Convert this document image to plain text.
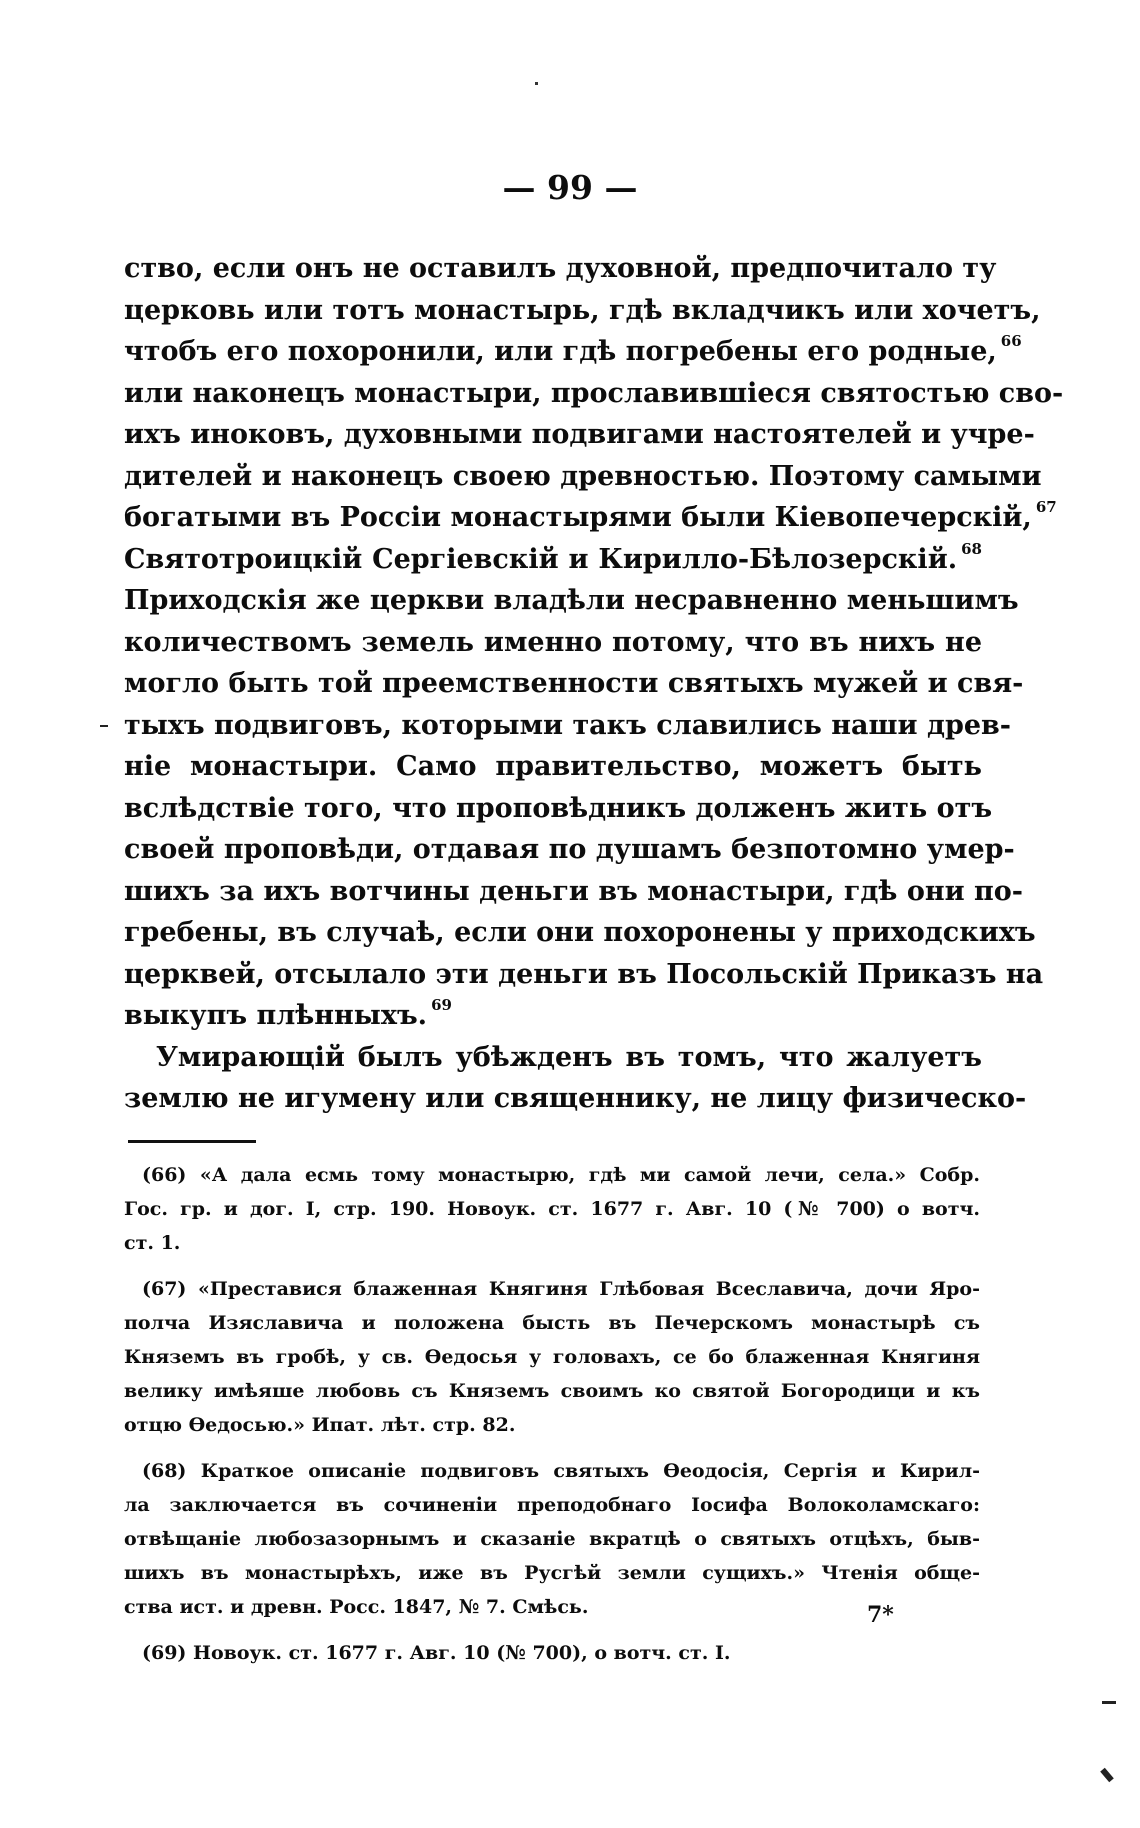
— 99 —
ство, если онъ не оставилъ духовной, предпочитало ту
церковь или тотъ монастырь, гдѣ вкладчикъ или хочетъ,
чтобъ его похоронили, или гдѣ погребены его родные, $^{66}$
или наконецъ монастыри, прославившіеся святостью сво-
ихъ иноковъ, духовными подвигами настоятелей и учре-
дителей и наконецъ своею древностью. Поэтому самыми
богатыми въ Россіи монастырями были Кіевопечерскій, $^{67}$
Святотроицкій Сергіевскій и Кирилло-Бѣлозерскій. $^{68}$
Приходскія же церкви владѣли несравненно меньшимъ
количествомъ земель именно потому, что въ нихъ не
могло быть той преемственности святыхъ мужей и свя-
тыхъ подвиговъ, которыми такъ славились наши древ-
ніе монастыри. Само правительство, можетъ быть
вслѣдствіе того, что проповѣдникъ долженъ жить отъ
своей проповѣди, отдавая по душамъ безпотомно умер-
шихъ за ихъ вотчины деньги въ монастыри, гдѣ они по-
гребены, въ случаѣ, если они похоронены у приходскихъ
церквей, отсылало эти деньги въ Посольскій Приказъ на
выкупъ плѣнныхъ. $^{69}$
Умирающій былъ убѣжденъ въ томъ, что жалуетъ
землю не игумену или священнику, не лицу физическо-
(66) «А дала есмь тому монастырю, гдѣ ми самой лечи, села.» Собр.
Гос. гр. и дог. I, стр. 190. Новоук. ст. 1677 г. Авг. 10 (№ 700) о вотч.
ст. 1.
(67) «Преставися блаженная Княгиня Глѣбовая Всеславича, дочи Яро-
полча Изяславича и положена бысть въ Печерскомъ монастырѣ съ
Княземъ въ гробѣ, у св. Ѳедосья у головахъ, се бо блаженная Княгиня
велику имѣяше любовь съ Княземъ своимъ ко святой Богородици и къ
отцю Ѳедосью.» Ипат. лѣт. стр. 82.
(68) Краткое описаніе подвиговъ святыхъ Ѳеодосія, Сергія и Кирил-
ла заключается въ сочиненіи преподобнаго Іосифа Волоколамскаго:
отвѣщаніе любозазорнымъ и сказаніе вкратцѣ о святыхъ отцѣхъ, быв-
шихъ въ монастырѣхъ, иже въ Русгѣй земли сущихъ.» Чтенія обще-
ства ист. и древн. Росс. 1847, № 7. Смѣсь.
(69) Новоук. ст. 1677 г. Авг. 10 (№ 700), о вотч. ст. I.
7*
